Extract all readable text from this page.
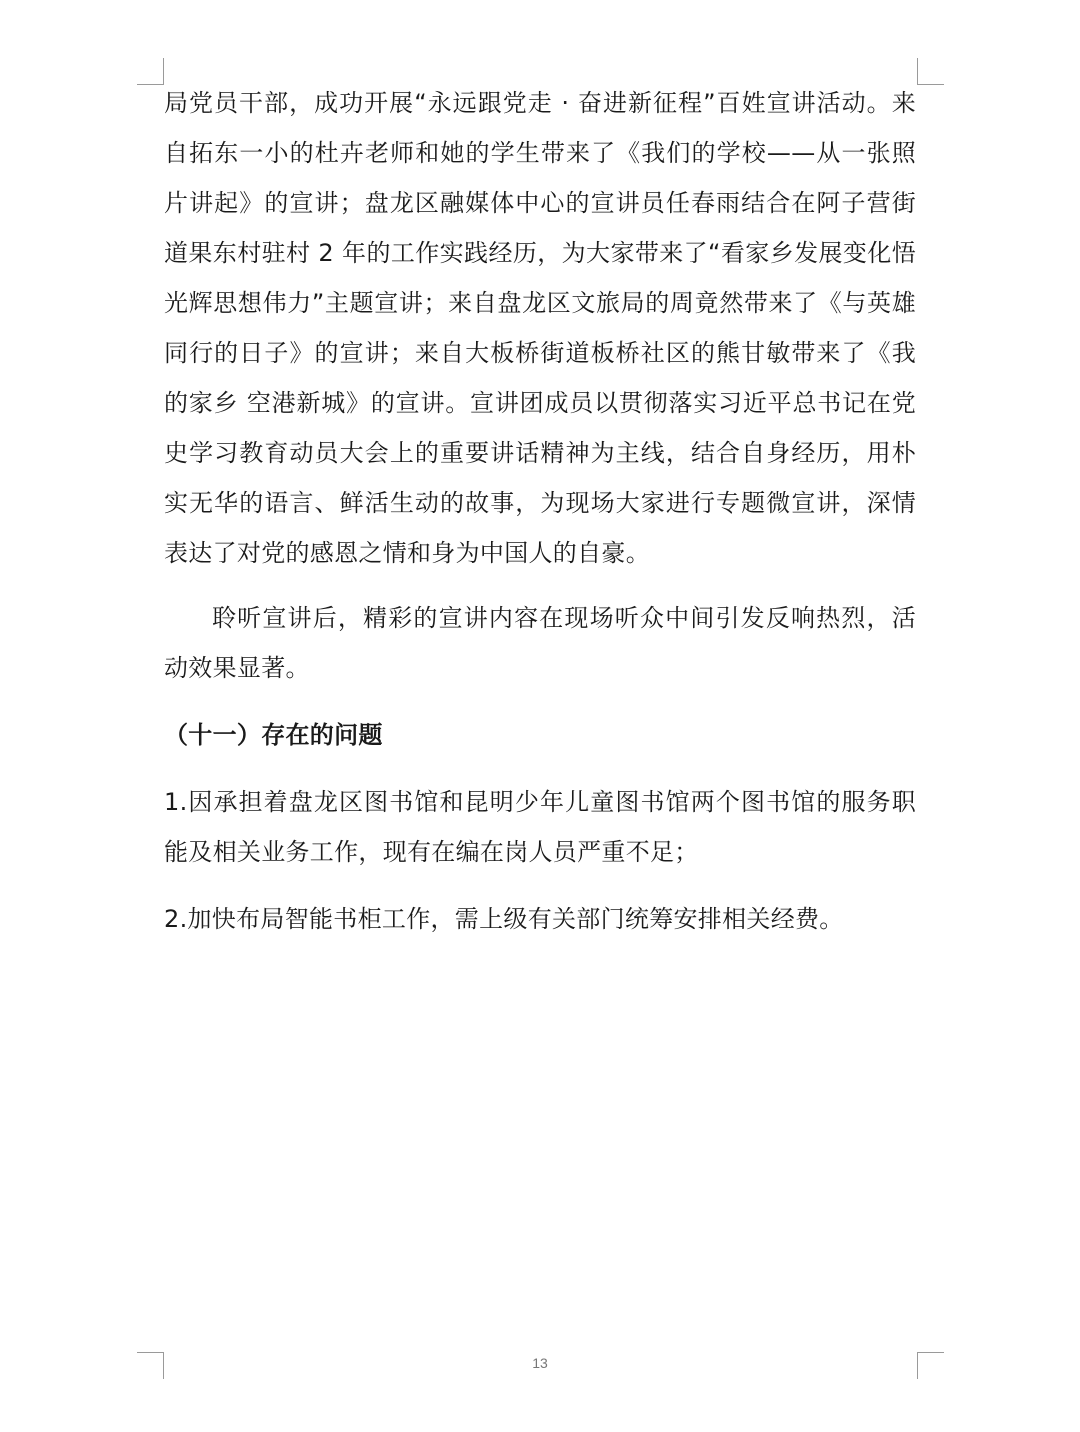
局党员干部，成功开展“永远跟党走 · 奋进新征程”百姓宣讲活动。来自拓东一小的杜卉老师和她的学生带来了《我们的学校——从一张照片讲起》的宣讲；盘龙区融媒体中心的宣讲员任春雨结合在阿子营街道果东村驻村 2 年的工作实践经历，为大家带来了“看家乡发展变化悟光辉思想伟力”主题宣讲；来自盘龙区文旅局的周竟然带来了《与英雄同行的日子》的宣讲；来自大板桥街道板桥社区的熊甘敏带来了《我的家乡 空港新城》的宣讲。宣讲团成员以贯彻落实习近平总书记在党史学习教育动员大会上的重要讲话精神为主线，结合自身经历，用朴实无华的语言、鲜活生动的故事，为现场大家进行专题微宣讲，深情表达了对党的感恩之情和身为中国人的自豪。

聆听宣讲后，精彩的宣讲内容在现场听众中间引发反响热烈，活动效果显著。

（十一）存在的问题

1.因承担着盘龙区图书馆和昆明少年儿童图书馆两个图书馆的服务职能及相关业务工作，现有在编在岗人员严重不足；

2.加快布局智能书柜工作，需上级有关部门统筹安排相关经费。

13
